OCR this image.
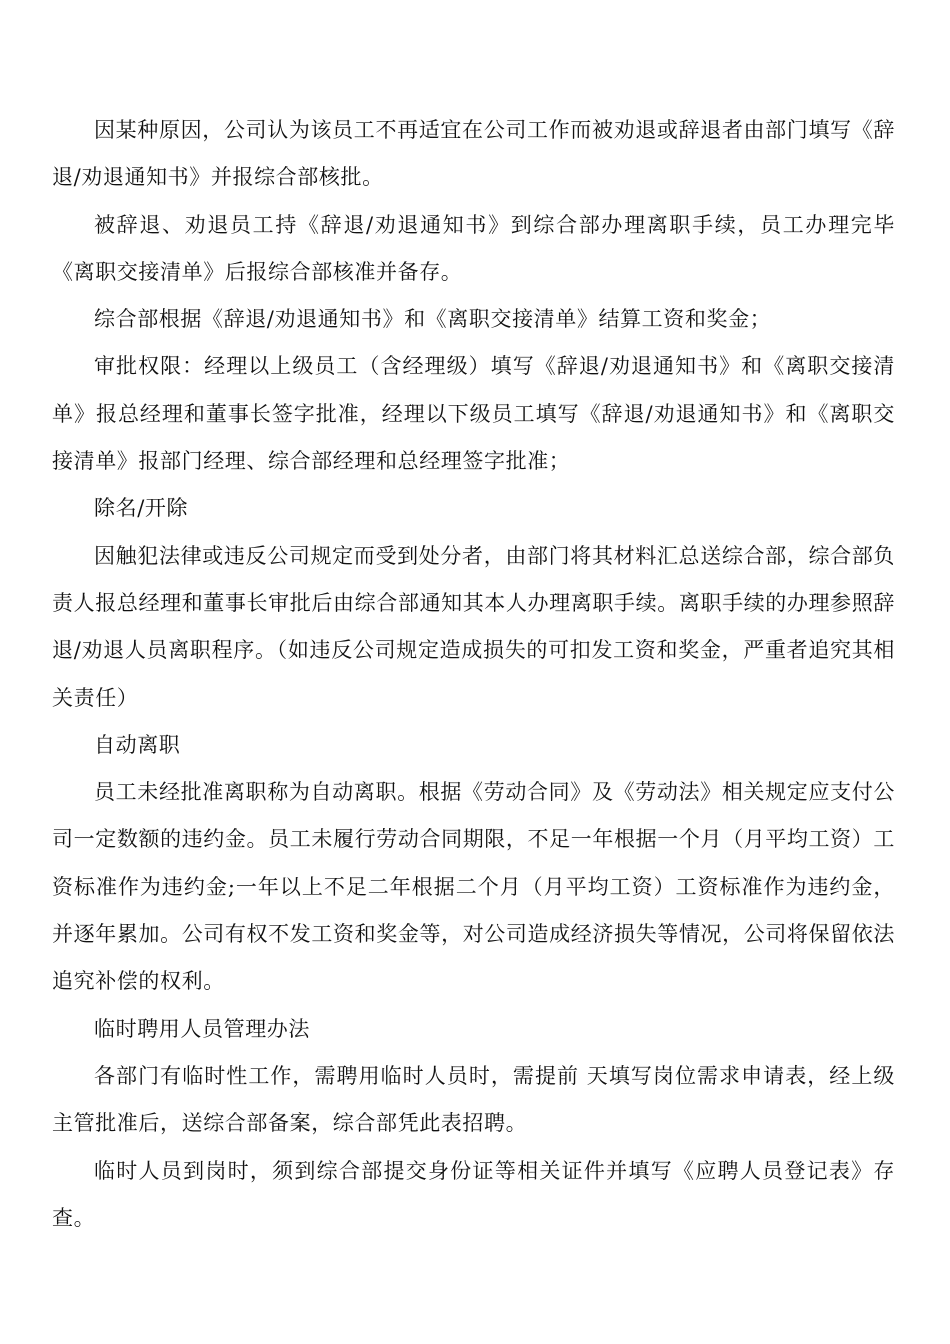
因某种原因，公司认为该员工不再适宜在公司工作而被劝退或辞退者由部门填写《辞退/劝退通知书》并报综合部核批。

被辞退、劝退员工持《辞退/劝退通知书》到综合部办理离职手续，员工办理完毕《离职交接清单》后报综合部核准并备存。

综合部根据《辞退/劝退通知书》和《离职交接清单》结算工资和奖金；

审批权限：经理以上级员工（含经理级）填写《辞退/劝退通知书》和《离职交接清单》报总经理和董事长签字批准，经理以下级员工填写《辞退/劝退通知书》和《离职交接清单》报部门经理、综合部经理和总经理签字批准；

除名/开除

因触犯法律或违反公司规定而受到处分者，由部门将其材料汇总送综合部，综合部负责人报总经理和董事长审批后由综合部通知其本人办理离职手续。离职手续的办理参照辞退/劝退人员离职程序。（如违反公司规定造成损失的可扣发工资和奖金，严重者追究其相关责任）

自动离职

员工未经批准离职称为自动离职。根据《劳动合同》及《劳动法》相关规定应支付公司一定数额的违约金。员工未履行劳动合同期限，不足一年根据一个月（月平均工资）工资标准作为违约金;一年以上不足二年根据二个月（月平均工资）工资标准作为违约金，并逐年累加。公司有权不发工资和奖金等，对公司造成经济损失等情况，公司将保留依法追究补偿的权利。

临时聘用人员管理办法

各部门有临时性工作，需聘用临时人员时，需提前 天填写岗位需求申请表，经上级主管批准后，送综合部备案，综合部凭此表招聘。

临时人员到岗时，须到综合部提交身份证等相关证件并填写《应聘人员登记表》存查。
